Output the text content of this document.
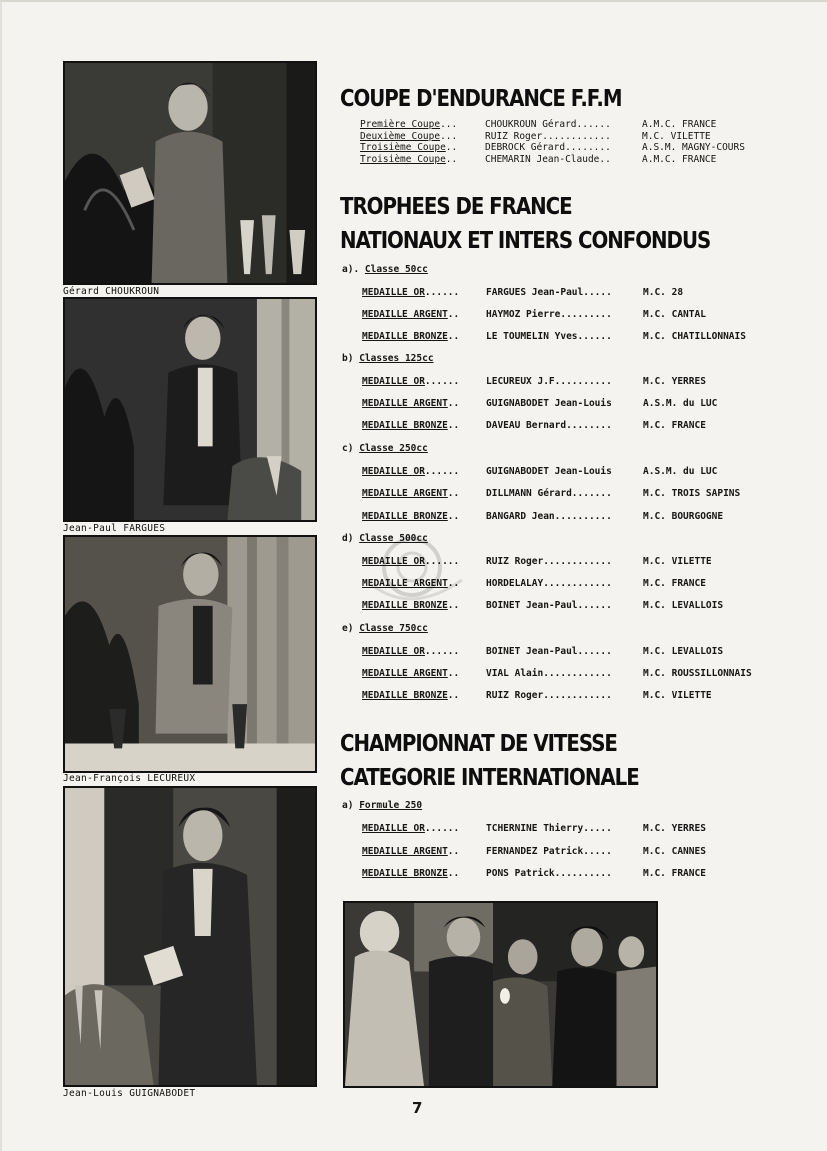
Gérard CHOUKROUN
Jean-Paul FARGUES
Jean-François LECUREUX
Jean-Louis GUIGNABODET
COUPE D'ENDURANCE F.F.M
Première Coupe...	CHOUKROUN Gérard......	A.M.C. FRANCE
Deuxième Coupe...	RUIZ Roger............	M.C. VILETTE
Troisième Coupe..	DEBROCK Gérard........	A.S.M. MAGNY-COURS
Troisième Coupe..	CHEMARIN Jean-Claude..	A.M.C. FRANCE
TROPHEES DE FRANCE
NATIONAUX ET INTERS CONFONDUS
a). Classe 50cc
MEDAILLE OR......	FARGUES Jean-Paul.....	M.C. 28
MEDAILLE ARGENT..	HAYMOZ Pierre.........	M.C. CANTAL
MEDAILLE BRONZE..	LE TOUMELIN Yves......	M.C. CHATILLONNAIS
b) Classes 125cc
MEDAILLE OR......	LECUREUX J.F..........	M.C. YERRES
MEDAILLE ARGENT..	GUIGNABODET Jean-Louis	A.S.M. du LUC
MEDAILLE BRONZE..	DAVEAU Bernard........	M.C. FRANCE
c) Classe 250cc
MEDAILLE OR......	GUIGNABODET Jean-Louis	A.S.M. du LUC
MEDAILLE ARGENT..	DILLMANN Gérard.......	M.C. TROIS SAPINS
MEDAILLE BRONZE..	BANGARD Jean..........	M.C. BOURGOGNE
d) Classe 500cc
MEDAILLE OR......	RUIZ Roger............	M.C. VILETTE
MEDAILLE ARGENT..	HORDELALAY............	M.C. FRANCE
MEDAILLE BRONZE..	BOINET Jean-Paul......	M.C. LEVALLOIS
e) Classe 750cc
MEDAILLE OR......	BOINET Jean-Paul......	M.C. LEVALLOIS
MEDAILLE ARGENT..	VIAL Alain............	M.C. ROUSSILLONNAIS
MEDAILLE BRONZE..	RUIZ Roger............	M.C. VILETTE
CHAMPIONNAT DE VITESSE
CATEGORIE INTERNATIONALE
a) Formule 250
MEDAILLE OR......	TCHERNINE Thierry.....	M.C. YERRES
MEDAILLE ARGENT..	FERNANDEZ Patrick.....	M.C. CANNES
MEDAILLE BRONZE..	PONS Patrick..........	M.C. FRANCE
7
